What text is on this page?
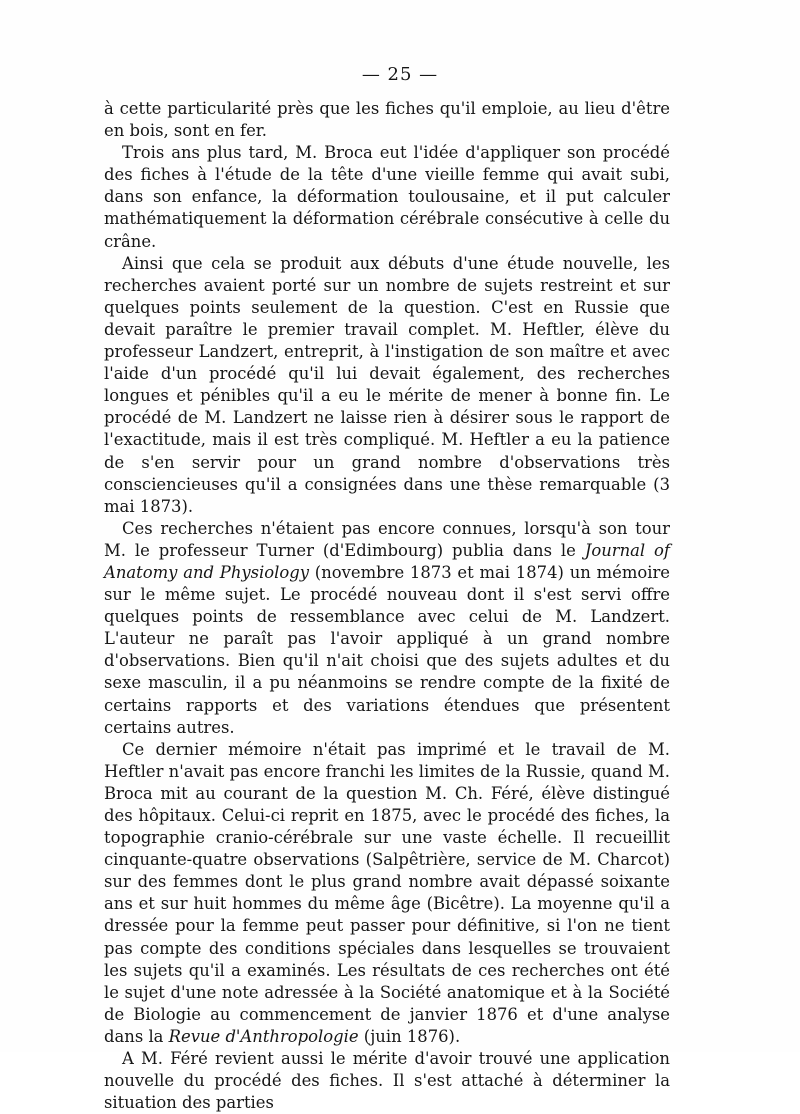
— 25 —

à cette particularité près que les fiches qu'il emploie, au lieu d'être en bois, sont en fer.

Trois ans plus tard, M. Broca eut l'idée d'appliquer son procédé des fiches à l'étude de la tête d'une vieille femme qui avait subi, dans son enfance, la déformation toulousaine, et il put calculer mathématiquement la déformation cérébrale consécutive à celle du crâne.

Ainsi que cela se produit aux débuts d'une étude nouvelle, les recherches avaient porté sur un nombre de sujets restreint et sur quelques points seulement de la question. C'est en Russie que devait paraître le premier travail complet. M. Heftler, élève du professeur Landzert, entreprit, à l'instigation de son maître et avec l'aide d'un procédé qu'il lui devait également, des recherches longues et pénibles qu'il a eu le mérite de mener à bonne fin. Le procédé de M. Landzert ne laisse rien à désirer sous le rapport de l'exactitude, mais il est très compliqué. M. Heftler a eu la patience de s'en servir pour un grand nombre d'observations très consciencieuses qu'il a consignées dans une thèse remarquable (3 mai 1873).

Ces recherches n'étaient pas encore connues, lorsqu'à son tour M. le professeur Turner (d'Edimbourg) publia dans le Journal of Anatomy and Physiology (novembre 1873 et mai 1874) un mémoire sur le même sujet. Le procédé nouveau dont il s'est servi offre quelques points de ressemblance avec celui de M. Landzert. L'auteur ne paraît pas l'avoir appliqué à un grand nombre d'observations. Bien qu'il n'ait choisi que des sujets adultes et du sexe masculin, il a pu néanmoins se rendre compte de la fixité de certains rapports et des variations étendues que présentent certains autres.

Ce dernier mémoire n'était pas imprimé et le travail de M. Heftler n'avait pas encore franchi les limites de la Russie, quand M. Broca mit au courant de la question M. Ch. Féré, élève distingué des hôpitaux. Celui-ci reprit en 1875, avec le procédé des fiches, la topographie cranio-cérébrale sur une vaste échelle. Il recueillit cinquante-quatre observations (Salpêtrière, service de M. Charcot) sur des femmes dont le plus grand nombre avait dépassé soixante ans et sur huit hommes du même âge (Bicêtre). La moyenne qu'il a dressée pour la femme peut passer pour définitive, si l'on ne tient pas compte des conditions spéciales dans lesquelles se trouvaient les sujets qu'il a examinés. Les résultats de ces recherches ont été le sujet d'une note adressée à la Société anatomique et à la Société de Biologie au commencement de janvier 1876 et d'une analyse dans la Revue d'Anthropologie (juin 1876).

A M. Féré revient aussi le mérite d'avoir trouvé une application nouvelle du procédé des fiches. Il s'est attaché à déterminer la situation des parties
